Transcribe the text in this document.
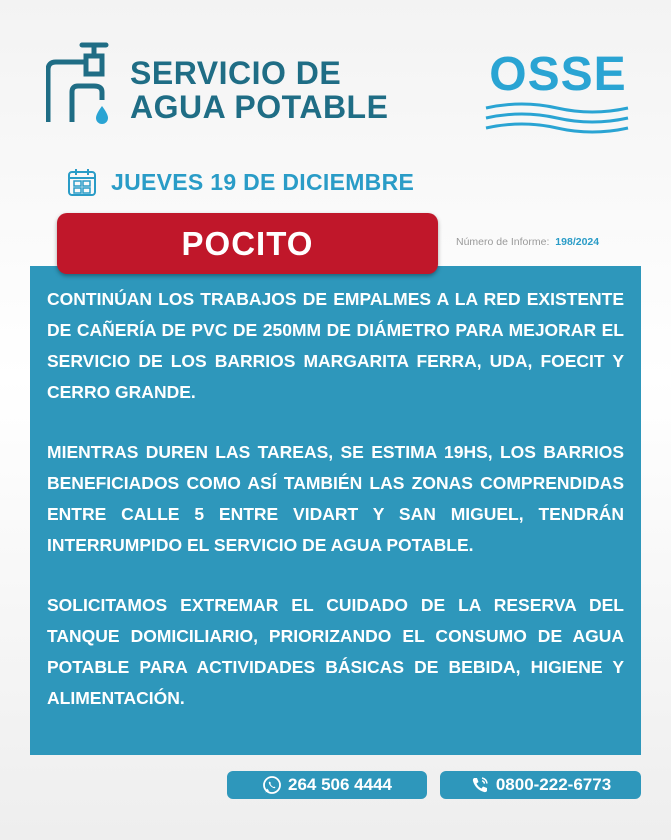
SERVICIO DE
AGUA POTABLE
OSSE
JUEVES 19 DE DICIEMBRE
POCITO	Número de Informe: 198/2024

CONTINÚAN LOS TRABAJOS DE EMPALMES A LA RED EXISTENTE DE CAÑERÍA DE PVC DE 250MM DE DIÁMETRO PARA MEJORAR EL SERVICIO DE LOS BARRIOS MARGARITA FERRA, UDA, FOECIT Y CERRO GRANDE.

MIENTRAS DUREN LAS TAREAS, SE ESTIMA 19HS, LOS BARRIOS BENEFICIADOS COMO ASÍ TAMBIÉN LAS ZONAS COMPRENDIDAS ENTRE CALLE 5 ENTRE VIDART Y SAN MIGUEL, TENDRÁN INTERRUMPIDO EL SERVICIO DE AGUA POTABLE.

SOLICITAMOS EXTREMAR EL CUIDADO DE LA RESERVA DEL TANQUE DOMICILIARIO, PRIORIZANDO EL CONSUMO DE AGUA POTABLE PARA ACTIVIDADES BÁSICAS DE BEBIDA, HIGIENE Y ALIMENTACIÓN.

264 506 4444	0800-222-6773
